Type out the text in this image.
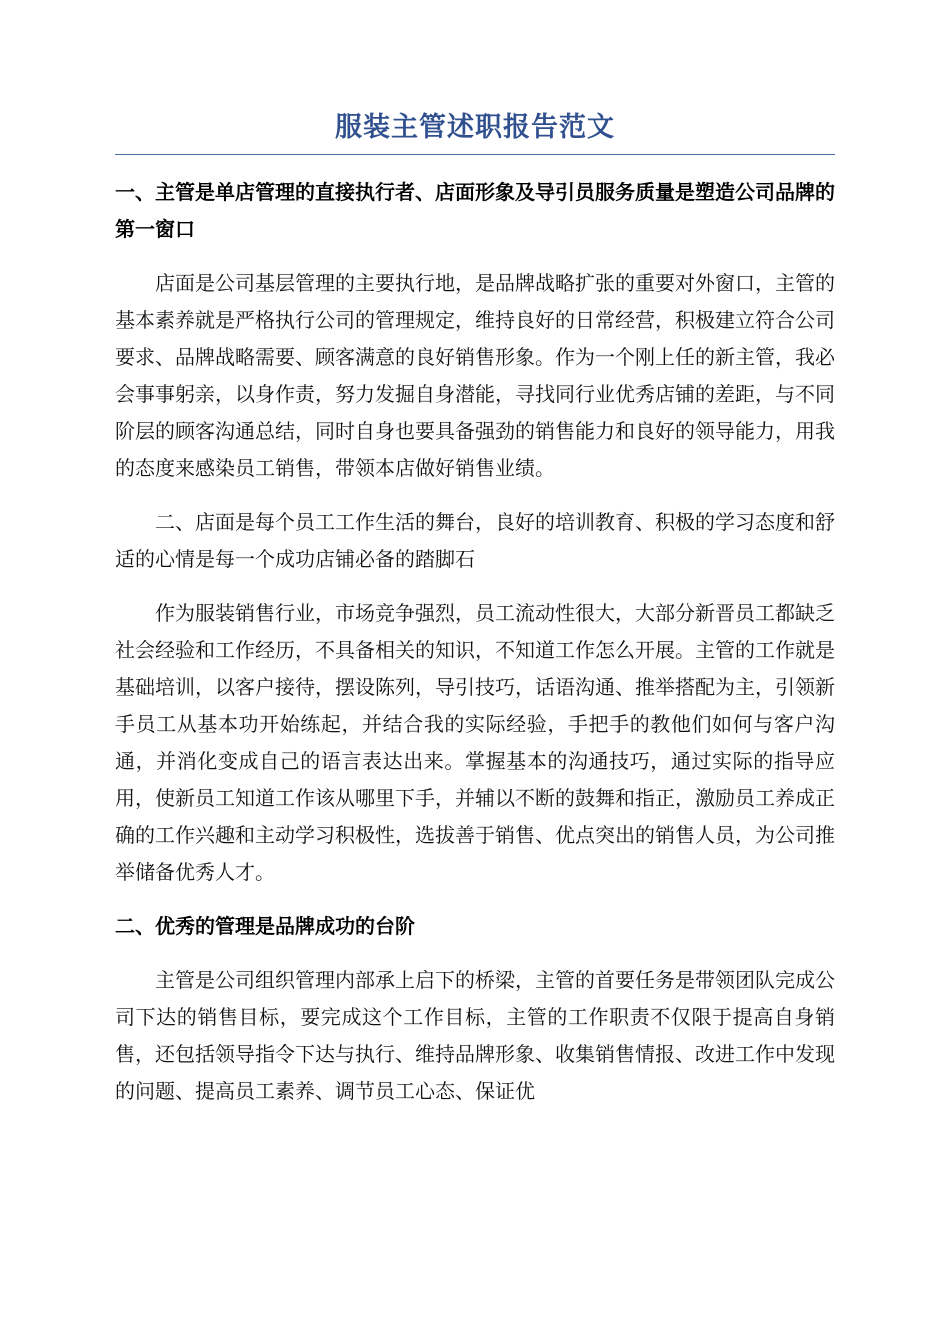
服装主管述职报告范文

一、主管是单店管理的直接执行者、店面形象及导引员服务质量是塑造公司品牌的第一窗口

店面是公司基层管理的主要执行地，是品牌战略扩张的重要对外窗口，主管的基本素养就是严格执行公司的管理规定，维持良好的日常经营，积极建立符合公司要求、品牌战略需要、顾客满意的良好销售形象。作为一个刚上任的新主管，我必会事事躬亲，以身作责，努力发掘自身潜能，寻找同行业优秀店铺的差距，与不同阶层的顾客沟通总结，同时自身也要具备强劲的销售能力和良好的领导能力，用我的态度来感染员工销售，带领本店做好销售业绩。

二、店面是每个员工工作生活的舞台，良好的培训教育、积极的学习态度和舒适的心情是每一个成功店铺必备的踏脚石

作为服装销售行业，市场竞争强烈，员工流动性很大，大部分新晋员工都缺乏社会经验和工作经历，不具备相关的知识，不知道工作怎么开展。主管的工作就是基础培训，以客户接待，摆设陈列，导引技巧，话语沟通、推举搭配为主，引领新手员工从基本功开始练起，并结合我的实际经验，手把手的教他们如何与客户沟通，并消化变成自己的语言表达出来。掌握基本的沟通技巧，通过实际的指导应用，使新员工知道工作该从哪里下手，并辅以不断的鼓舞和指正，激励员工养成正确的工作兴趣和主动学习积极性，选拔善于销售、优点突出的销售人员，为公司推举储备优秀人才。

二、优秀的管理是品牌成功的台阶

主管是公司组织管理内部承上启下的桥梁，主管的首要任务是带领团队完成公司下达的销售目标，要完成这个工作目标，主管的工作职责不仅限于提高自身销售，还包括领导指令下达与执行、维持品牌形象、收集销售情报、改进工作中发现的问题、提高员工素养、调节员工心态、保证优
